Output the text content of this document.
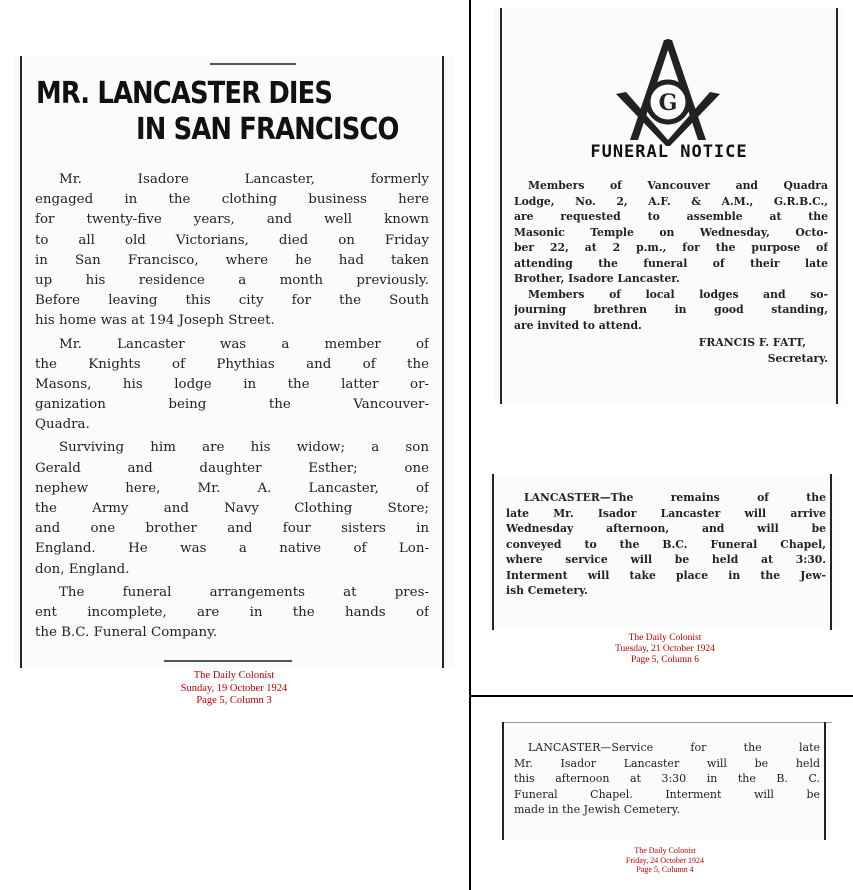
MR. LANCASTER DIES
IN SAN FRANCISCO
Mr. Isadore Lancaster, formerly
engaged in the clothing business here
for twenty-five years, and well known
to all old Victorians, died on Friday
in San Francisco, where he had taken
up his residence a month previously.
Before leaving this city for the South
his home was at 194 Joseph Street.
Mr. Lancaster was a member of
the Knights of Phythias and of the
Masons, his lodge in the latter or-
ganization being the Vancouver-
Quadra.
Surviving him are his widow; a son
Gerald and daughter Esther; one
nephew here, Mr. A. Lancaster, of
the Army and Navy Clothing Store;
and one brother and four sisters in
England. He was a native of Lon-
don, England.
The funeral arrangements at pres-
ent incomplete, are in the hands of
the B.C. Funeral Company.
The Daily Colonist
Sunday, 19 October 1924
Page 5, Column 3
G
FUNERAL NOTICE
Members of Vancouver and Quadra
Lodge, No. 2, A.F. & A.M., G.R.B.C.,
are requested to assemble at the
Masonic Temple on Wednesday, Octo-
ber 22, at 2 p.m., for the purpose of
attending the funeral of their late
Brother, Isadore Lancaster.
Members of local lodges and so-
journing brethren in good standing,
are invited to attend.
FRANCIS F. FATT,
Secretary.
LANCASTER—The remains of the
late Mr. Isador Lancaster will arrive
Wednesday afternoon, and will be
conveyed to the B.C. Funeral Chapel,
where service will be held at 3:30.
Interment will take place in the Jew-
ish Cemetery.
The Daily Colonist
Tuesday, 21 October 1924
Page 5, Column 6
LANCASTER—Service for the late
Mr. Isador Lancaster will be held
this afternoon at 3:30 in the B. C.
Funeral Chapel. Interment will be
made in the Jewish Cemetery.
The Daily Colonist
Friday, 24 October 1924
Page 5, Column 4
